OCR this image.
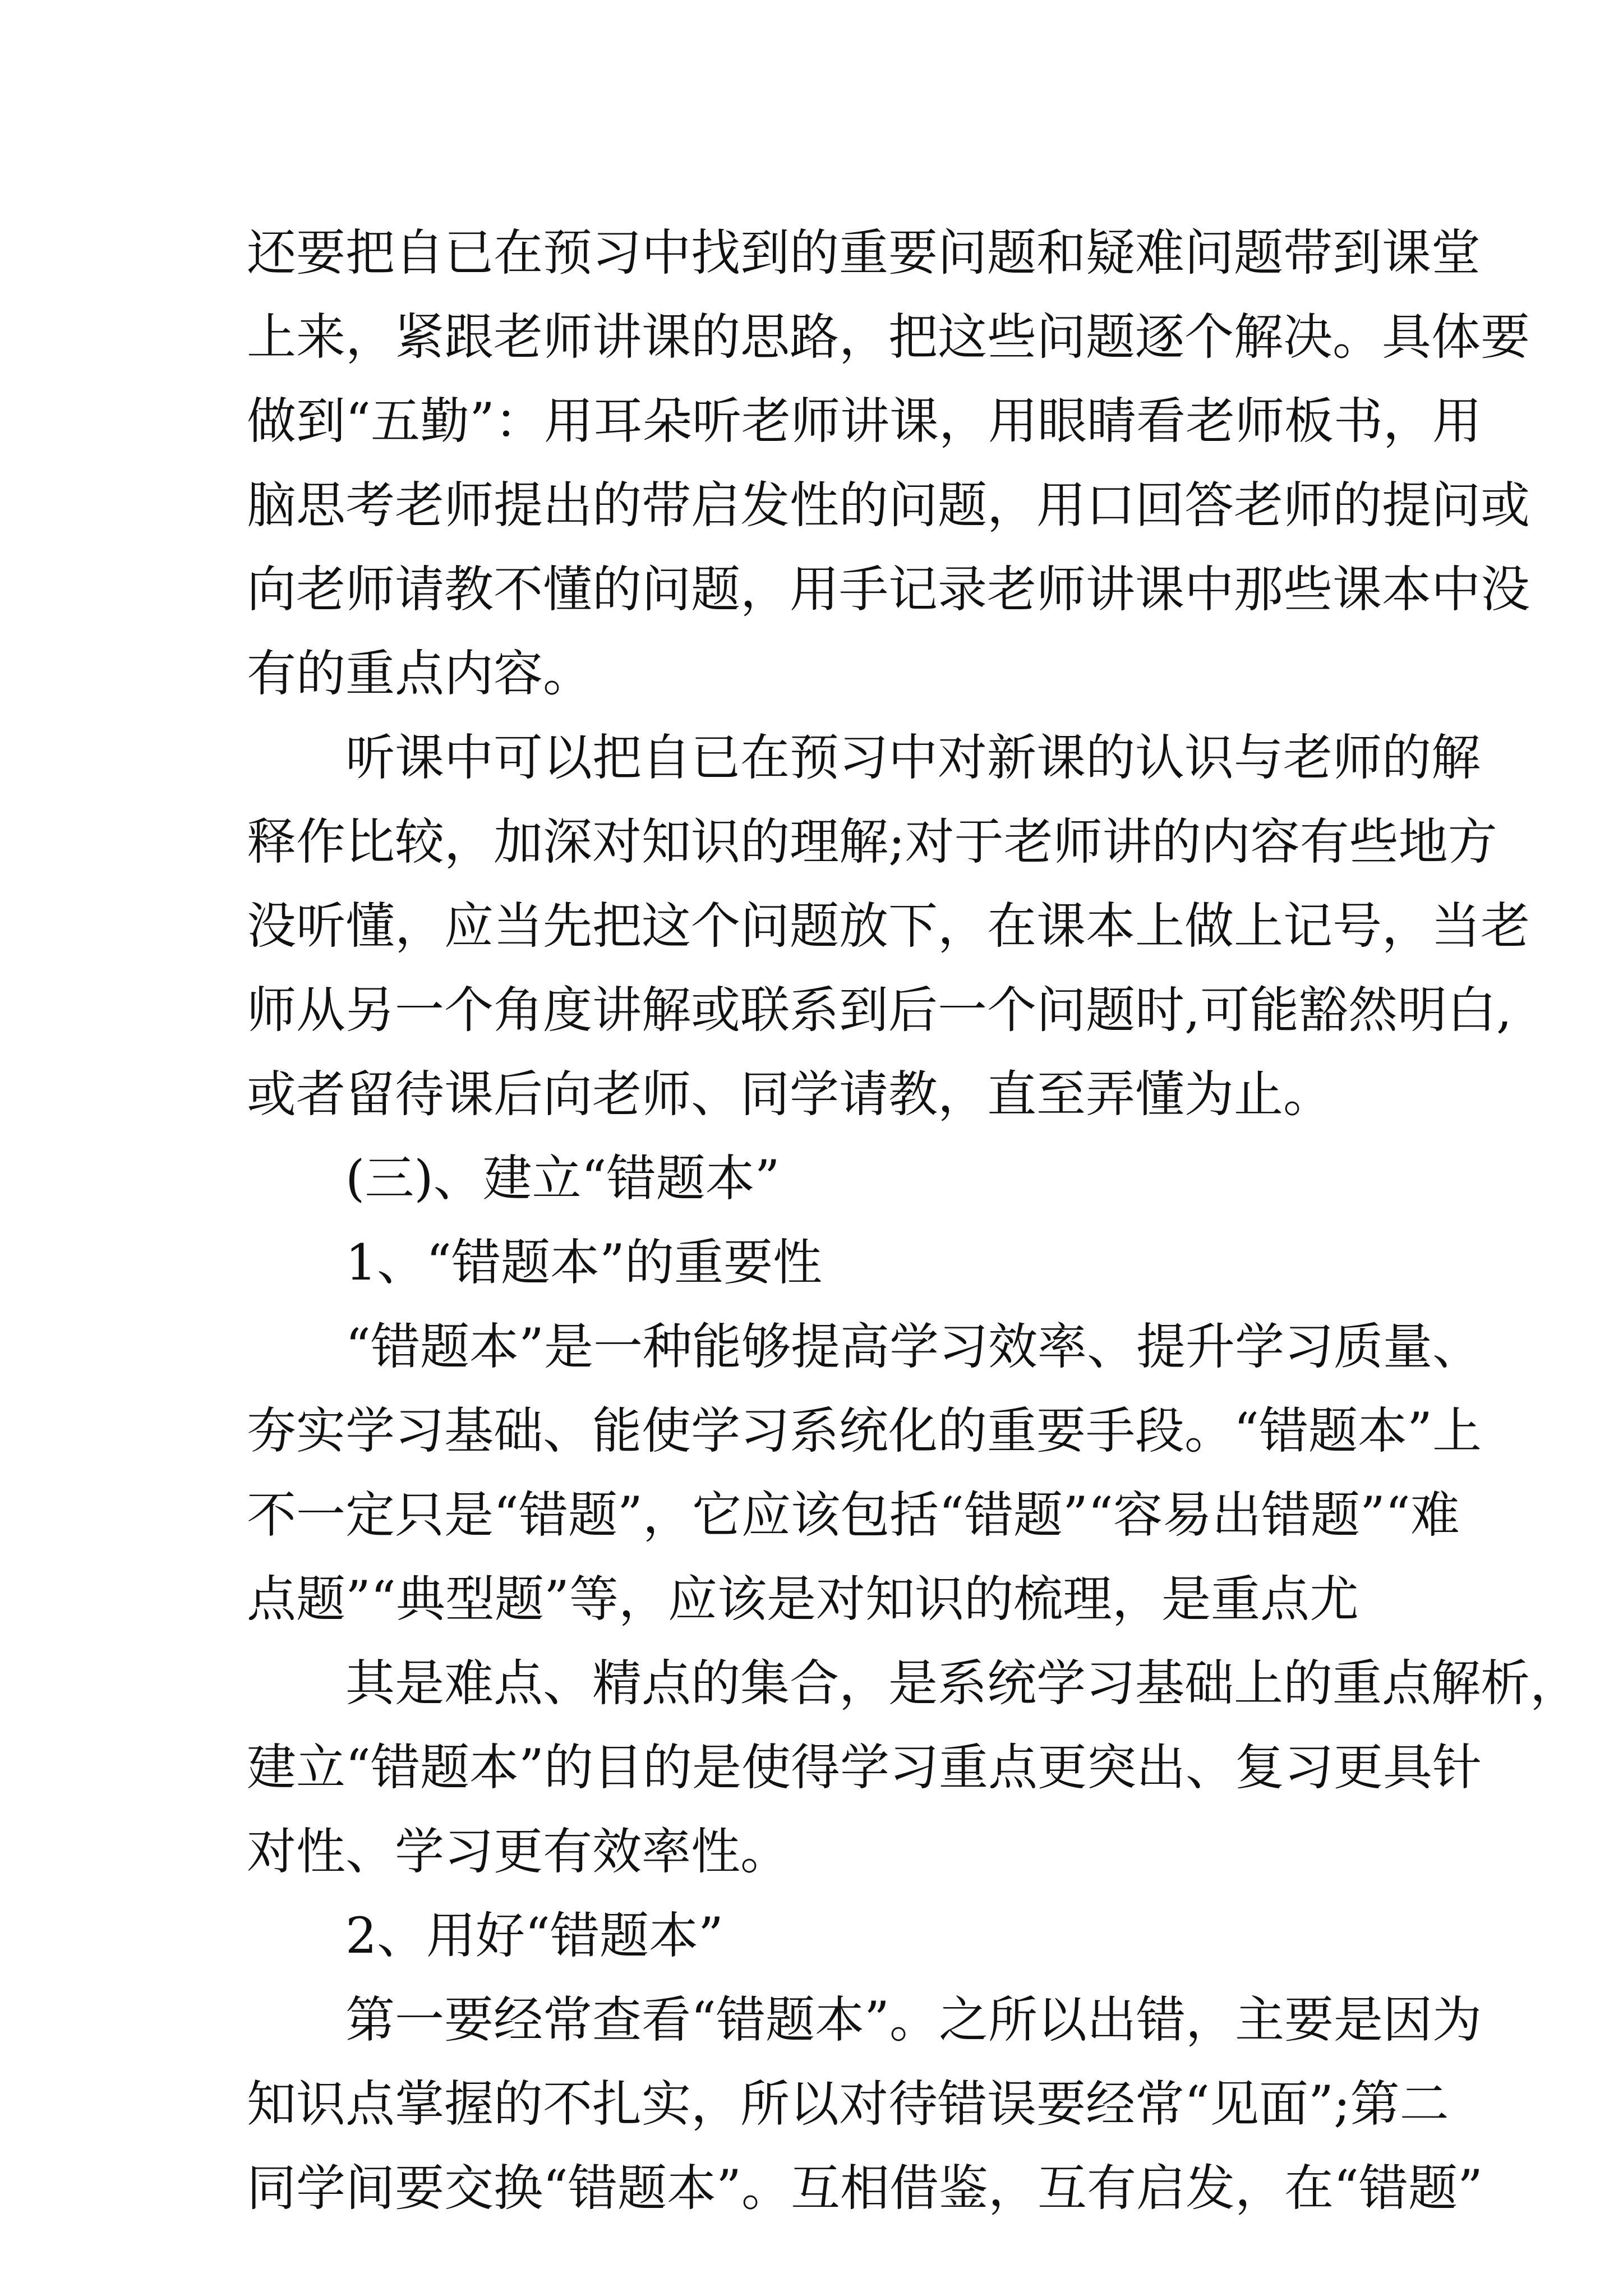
还要把自已在预习中找到的重要问题和疑难问题带到课堂
上来，紧跟老师讲课的思路，把这些问题逐个解决。具体要
做到“五勤”：用耳朵听老师讲课，用眼睛看老师板书，用
脑思考老师提出的带启发性的问题，用口回答老师的提问或
向老师请教不懂的问题，用手记录老师讲课中那些课本中没
有的重点内容。
听课中可以把自已在预习中对新课的认识与老师的解
释作比较，加深对知识的理解;对于老师讲的内容有些地方
没听懂，应当先把这个问题放下，在课本上做上记号，当老
师从另一个角度讲解或联系到后一个问题时,可能豁然明白,
或者留待课后向老师、同学请教，直至弄懂为止。
(三)、建立“错题本”
1、“错题本”的重要性
“错题本”是一种能够提高学习效率、提升学习质量、
夯实学习基础、能使学习系统化的重要手段。“错题本”上
不一定只是“错题”，它应该包括“错题”“容易出错题”“难
点题”“典型题”等，应该是对知识的梳理，是重点尤
其是难点、精点的集合，是系统学习基础上的重点解析，
建立“错题本”的目的是使得学习重点更突出、复习更具针
对性、学习更有效率性。
2、用好“错题本”
第一要经常查看“错题本”。之所以出错，主要是因为
知识点掌握的不扎实，所以对待错误要经常“见面”;第二
同学间要交换“错题本”。互相借鉴，互有启发，在“错题”
